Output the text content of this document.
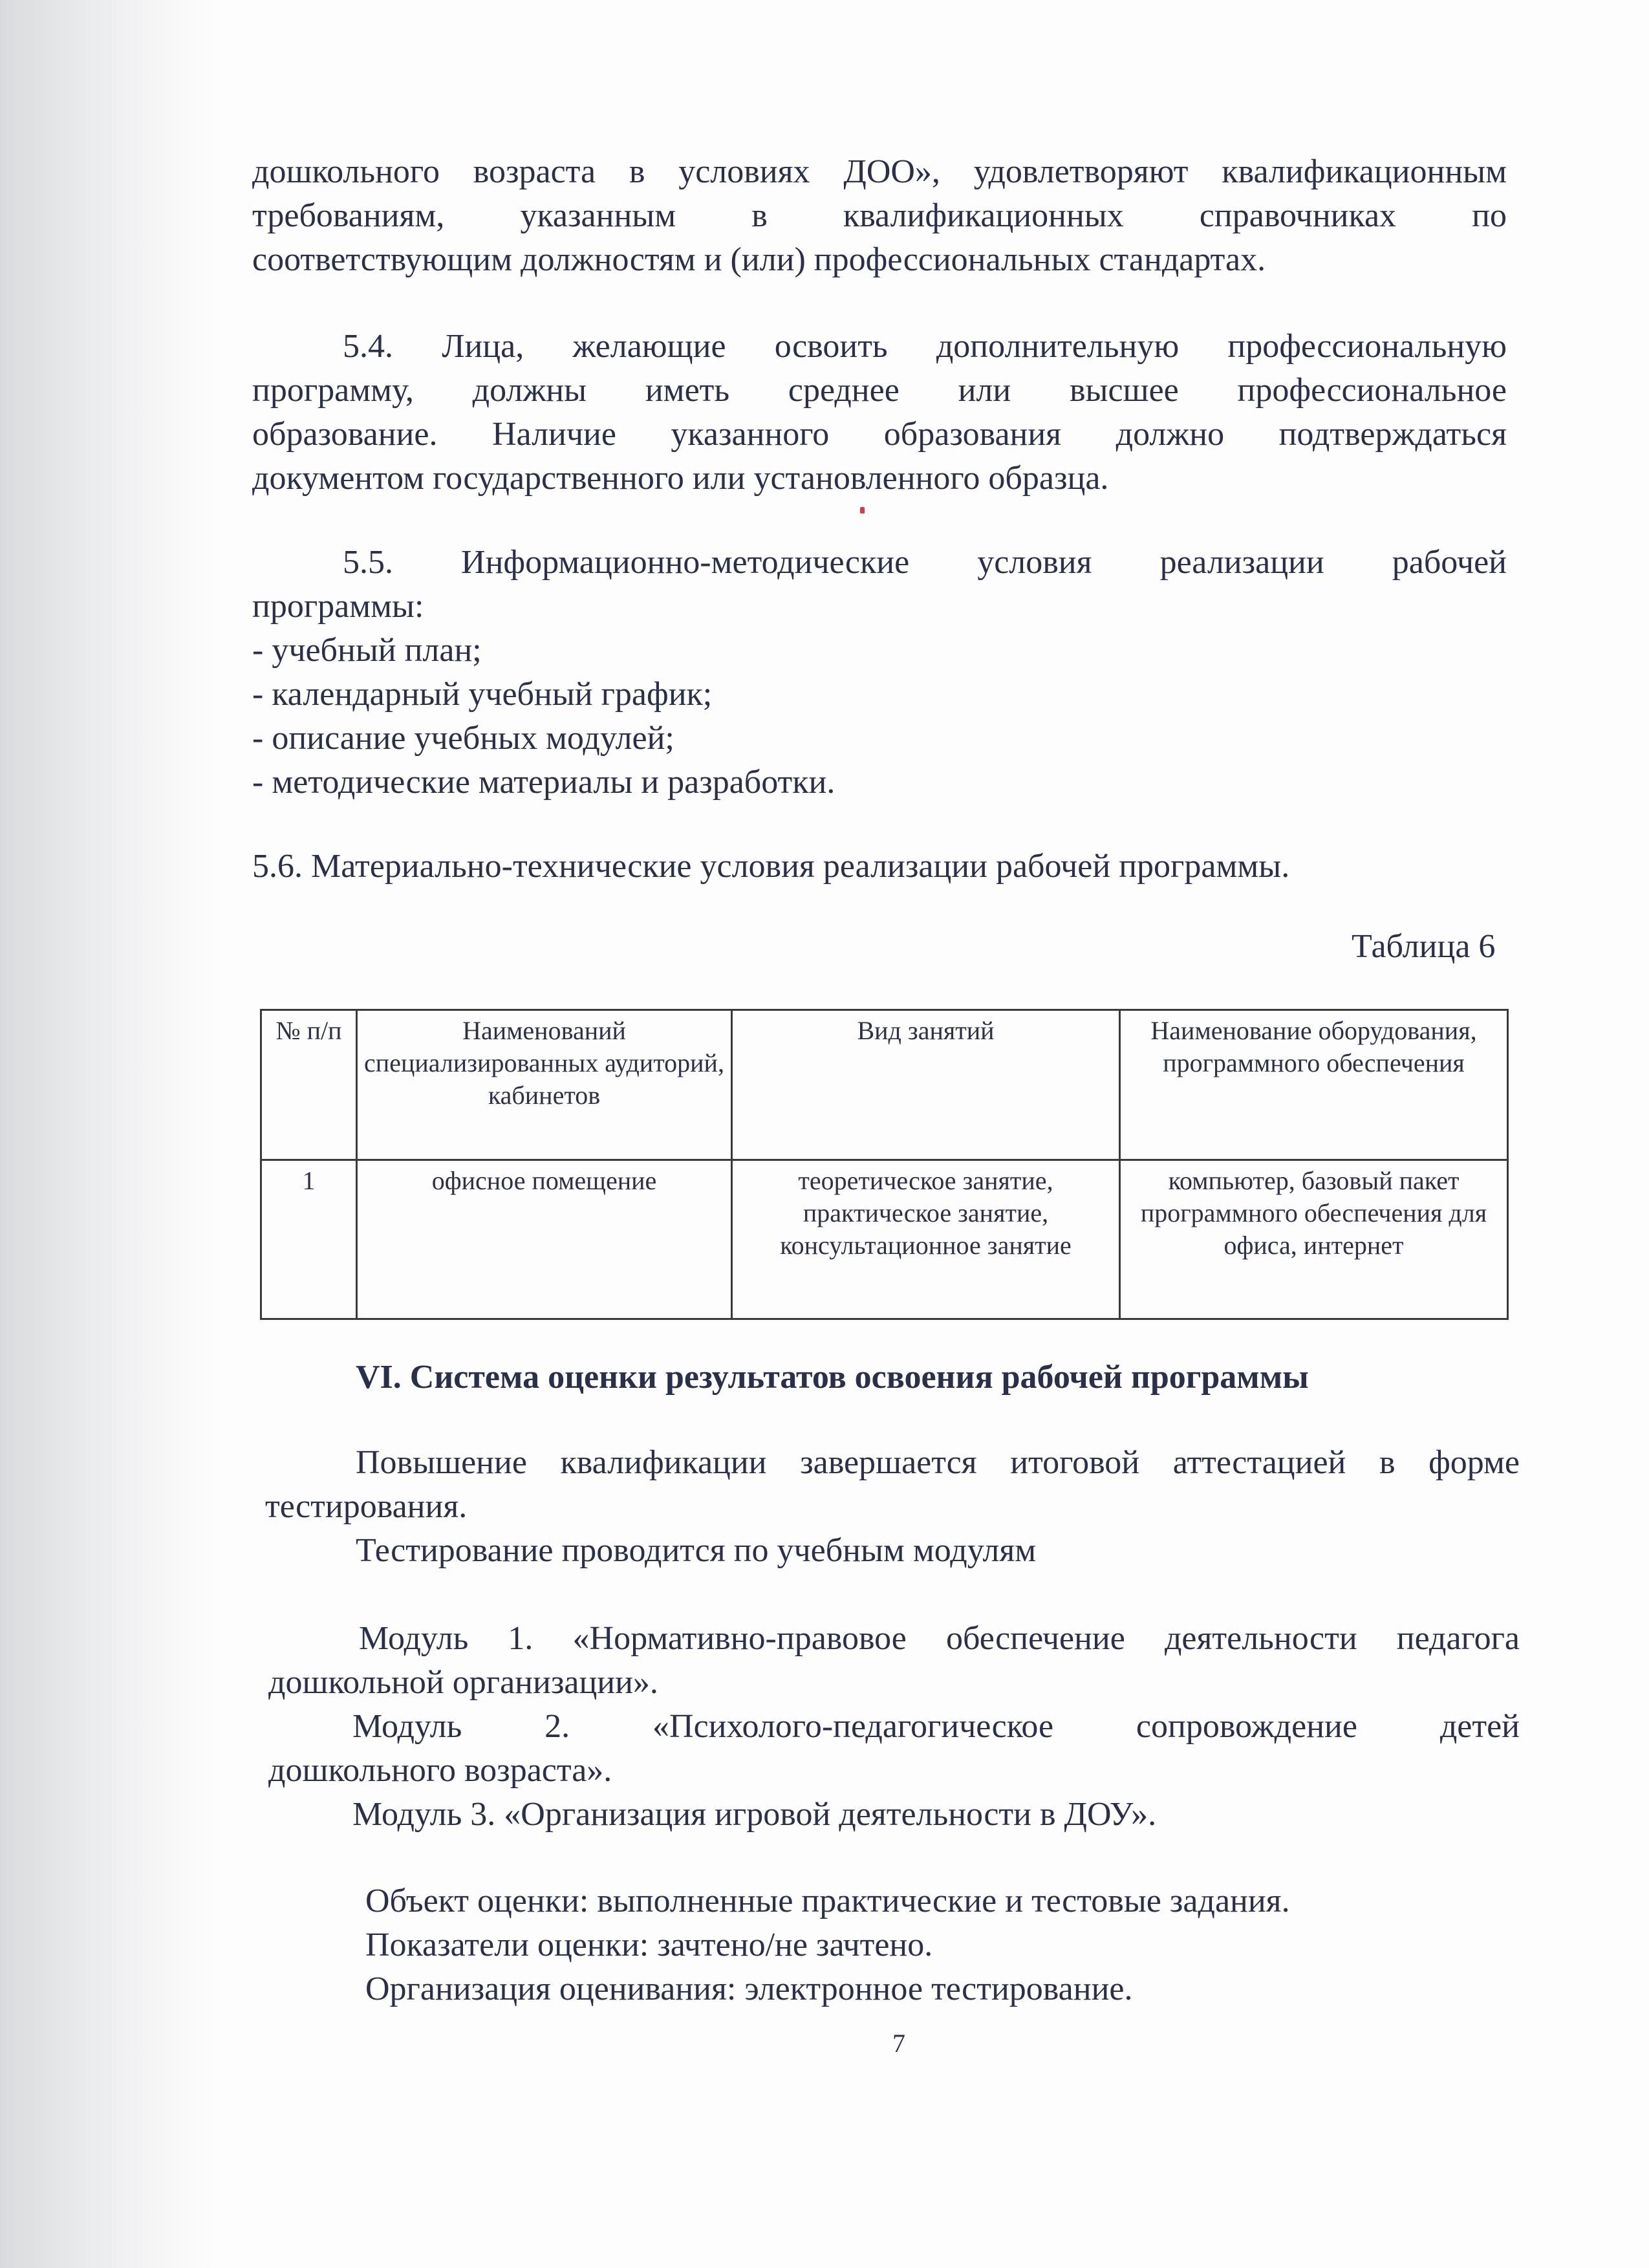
дошкольного возраста в условиях ДОО», удовлетворяют квалификационным
требованиям, указанным в квалификационных справочниках по
соответствующим должностям и (или) профессиональных стандартах.
5.4. Лица, желающие освоить дополнительную профессиональную
программу, должны иметь среднее или высшее профессиональное
образование. Наличие указанного образования должно подтверждаться
документом государственного или установленного образца.
5.5. Информационно-методические условия реализации рабочей
программы:
- учебный план;
- календарный учебный график;
- описание учебных модулей;
- методические материалы и разработки.
5.6. Материально-технические условия реализации рабочей программы.
Таблица 6
№ п/п	Наименований специализированных аудиторий, кабинетов	Вид занятий	Наименование оборудования, программного обеспечения
1	офисное помещение	теоретическое занятие, практическое занятие, консультационное занятие	компьютер, базовый пакет программного обеспечения для офиса, интернет
VI. Система оценки результатов освоения рабочей программы
Повышение квалификации завершается итоговой аттестацией в форме
тестирования.
Тестирование проводится по учебным модулям
Модуль 1. «Нормативно-правовое обеспечение деятельности педагога
дошкольной организации».
Модуль 2. «Психолого-педагогическое сопровождение детей
дошкольного возраста».
Модуль 3. «Организация игровой деятельности в ДОУ».
Объект оценки: выполненные практические и тестовые задания.
Показатели оценки: зачтено/не зачтено.
Организация оценивания: электронное тестирование.
7
